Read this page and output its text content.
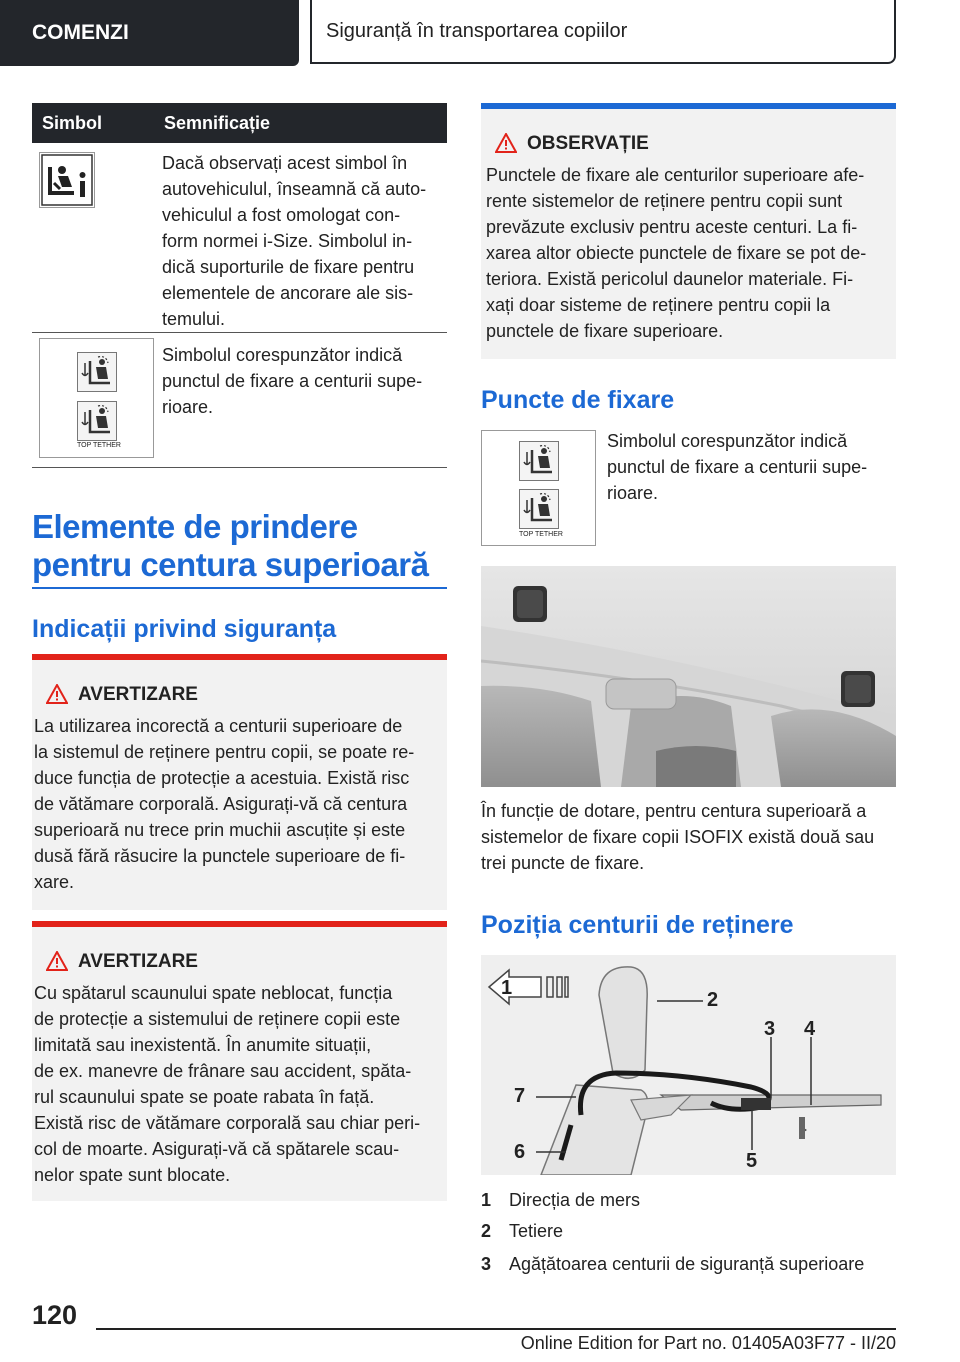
COMENZI	Siguranță în transportarea copiilor
Simbol	Semnificație
Dacă observați acest simbol în
autovehiculul, înseamnă că auto-
vehiculul a fost omologat con-
form normei i-Size. Simbolul in-
dică suporturile de fixare pentru
elementele de ancorare ale sis-
temului.
TOP TETHER
Simbolul corespunzător indică
punctul de fixare a centurii supe-
rioare.
Elemente de prindere
pentru centura superioară
Indicații privind siguranța
AVERTIZARE
La utilizarea incorectă a centurii superioare de
la sistemul de reținere pentru copii, se poate re-
duce funcția de protecție a acestuia. Există risc
de vătămare corporală. Asigurați-vă că centura
superioară nu trece prin muchii ascuțite și este
dusă fără răsucire la punctele superioare de fi-
xare.
AVERTIZARE
Cu spătarul scaunului spate neblocat, funcția
de protecție a sistemului de reținere copii este
limitată sau inexistentă. În anumite situații,
de ex. manevre de frânare sau accident, spăta-
rul scaunului spate se poate rabata în față.
Există risc de vătămare corporală sau chiar peri-
col de moarte. Asigurați-vă că spătarele scau-
nelor spate sunt blocate.
OBSERVAȚIE
Punctele de fixare ale centurilor superioare afe-
rente sistemelor de reținere pentru copii sunt
prevăzute exclusiv pentru aceste centuri. La fi-
xarea altor obiecte punctele de fixare se pot de-
teriora. Există pericolul daunelor materiale. Fi-
xați doar sisteme de reținere pentru copii la
punctele de fixare superioare.
Puncte de fixare
TOP TETHER
Simbolul corespunzător indică
punctul de fixare a centurii supe-
rioare.
În funcție de dotare, pentru centura superioară a
sistemelor de fixare copii ISOFIX există două sau
trei puncte de fixare.
Poziția centurii de reținere
1
2
3 4
5
6
7
1 Direcția de mers
2 Tetiere
3 Agățătoarea centurii de siguranță superioare
120
Online Edition for Part no. 01405A03F77 - II/20
